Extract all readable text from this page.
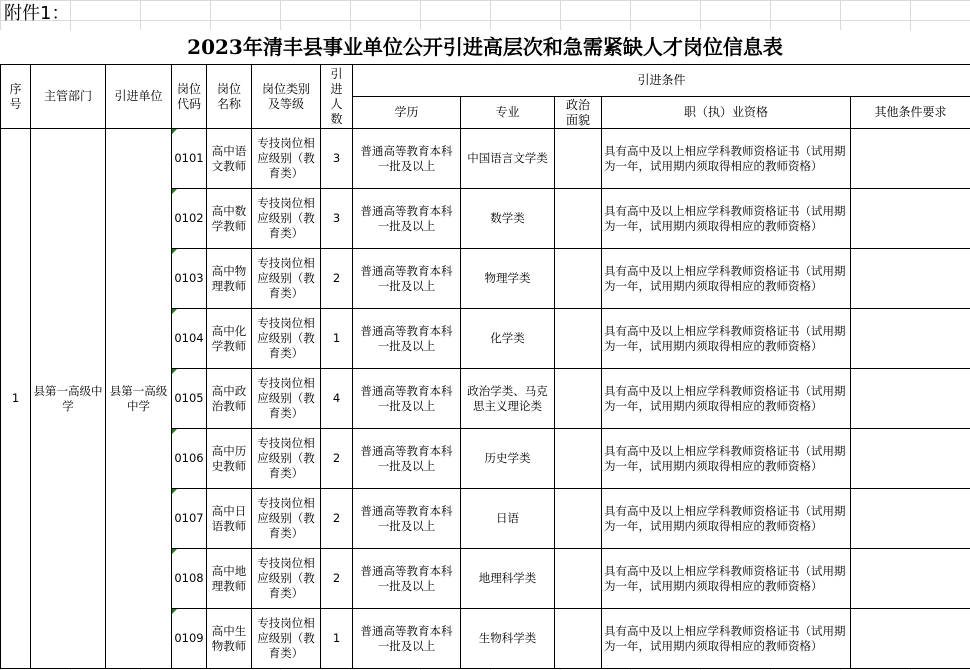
附件1：
2023年清丰县事业单位公开引进高层次和急需紧缺人才岗位信息表
序号	主管部门	引进单位	岗位代码	岗位名称	岗位类别及等级	引进人数	引进条件				
							学历	专业	政治面貌	职（执）业资格	其他条件要求
1	县第一高级中学	县第一高级中学	0101	高中语文教师	专技岗位相应级别（教育类）	3	普通高等教育本科一批及以上	中国语言文学类		具有高中及以上相应学科教师资格证书（试用期为一年，试用期内须取得相应的教师资格）	
			0102	高中数学教师	专技岗位相应级别（教育类）	3	普通高等教育本科一批及以上	数学类		具有高中及以上相应学科教师资格证书（试用期为一年，试用期内须取得相应的教师资格）	
			0103	高中物理教师	专技岗位相应级别（教育类）	2	普通高等教育本科一批及以上	物理学类		具有高中及以上相应学科教师资格证书（试用期为一年，试用期内须取得相应的教师资格）	
			0104	高中化学教师	专技岗位相应级别（教育类）	1	普通高等教育本科一批及以上	化学类		具有高中及以上相应学科教师资格证书（试用期为一年，试用期内须取得相应的教师资格）	
			0105	高中政治教师	专技岗位相应级别（教育类）	4	普通高等教育本科一批及以上	政治学类、马克思主义理论类		具有高中及以上相应学科教师资格证书（试用期为一年，试用期内须取得相应的教师资格）	
			0106	高中历史教师	专技岗位相应级别（教育类）	2	普通高等教育本科一批及以上	历史学类		具有高中及以上相应学科教师资格证书（试用期为一年，试用期内须取得相应的教师资格）	
			0107	高中日语教师	专技岗位相应级别（教育类）	2	普通高等教育本科一批及以上	日语		具有高中及以上相应学科教师资格证书（试用期为一年，试用期内须取得相应的教师资格）	
			0108	高中地理教师	专技岗位相应级别（教育类）	2	普通高等教育本科一批及以上	地理科学类		具有高中及以上相应学科教师资格证书（试用期为一年，试用期内须取得相应的教师资格）	
			0109	高中生物教师	专技岗位相应级别（教育类）	1	普通高等教育本科一批及以上	生物科学类		具有高中及以上相应学科教师资格证书（试用期为一年，试用期内须取得相应的教师资格）	
